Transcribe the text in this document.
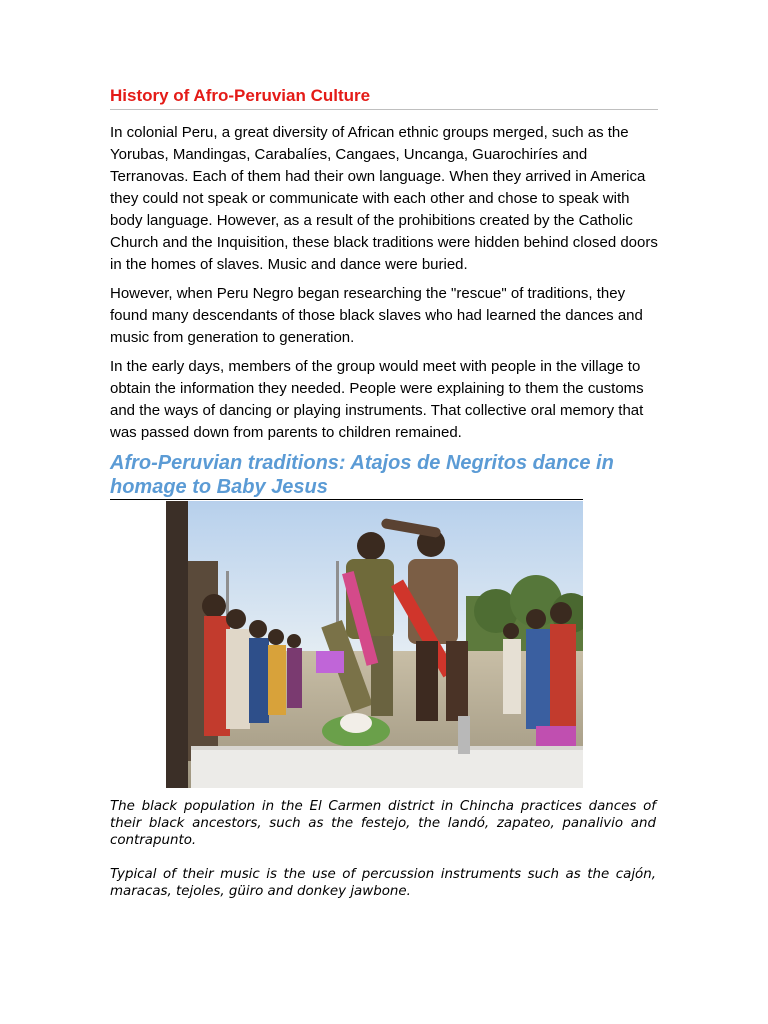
History of Afro-Peruvian Culture

In colonial Peru, a great diversity of African ethnic groups merged, such as the Yorubas, Mandingas, Carabalíes, Cangaes, Uncanga, Guarochiríes and Terranovas. Each of them had their own language. When they arrived in America they could not speak or communicate with each other and chose to speak with body language. However, as a result of the prohibitions created by the Catholic Church and the Inquisition, these black traditions were hidden behind closed doors in the homes of slaves. Music and dance were buried.

However, when Peru Negro began researching the "rescue" of traditions, they found many descendants of those black slaves who had learned the dances and music from generation to generation.

In the early days, members of the group would meet with people in the village to obtain the information they needed. People were explaining to them the customs and the ways of dancing or playing instruments. That collective oral memory that was passed down from parents to children remained.

Afro-Peruvian traditions: Atajos de Negritos dance in homage to Baby Jesus

The black population in the El Carmen district in Chincha practices dances of their black ancestors, such as the festejo, the landó, zapateo, panalivio and contrapunto.

Typical of their music is the use of percussion instruments such as the cajón, maracas, tejoles, güiro and donkey jawbone.
